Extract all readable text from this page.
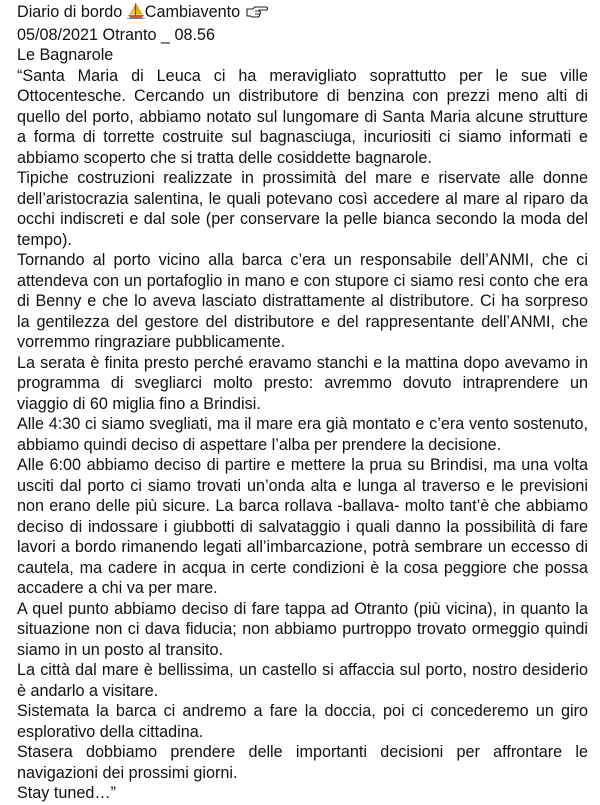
Diario di bordo Cambiavento

05/08/2021 Otranto _ 08.56

Le Bagnarole

“Santa Maria di Leuca ci ha meravigliato soprattutto per le sue ville Ottocentesche. Cercando un distributore di benzina con prezzi meno alti di quello del porto, abbiamo notato sul lungomare di Santa Maria alcune strutture a forma di torrette costruite sul bagnasciuga, incuriositi ci siamo informati e abbiamo scoperto che si tratta delle cosiddette bagnarole.

Tipiche costruzioni realizzate in prossimità del mare e riservate alle donne dell’aristocrazia salentina, le quali potevano così accedere al mare al riparo da occhi indiscreti e dal sole (per conservare la pelle bianca secondo la moda del tempo).

Tornando al porto vicino alla barca c’era un responsabile dell’ANMI, che ci attendeva con un portafoglio in mano e con stupore ci siamo resi conto che era di Benny e che lo aveva lasciato distrattamente al distributore. Ci ha sorpreso la gentilezza del gestore del distributore e del rappresentante dell’ANMI, che vorremmo ringraziare pubblicamente.

La serata è finita presto perché eravamo stanchi e la mattina dopo avevamo in programma di svegliarci molto presto: avremmo dovuto intraprendere un viaggio di 60 miglia fino a Brindisi.

Alle 4:30 ci siamo svegliati, ma il mare era già montato e c’era vento sostenuto, abbiamo quindi deciso di aspettare l’alba per prendere la decisione.

Alle 6:00 abbiamo deciso di partire e mettere la prua su Brindisi, ma una volta usciti dal porto ci siamo trovati un’onda alta e lunga al traverso e le previsioni non erano delle più sicure. La barca rollava -ballava- molto tant’è che abbiamo deciso di indossare i giubbotti di salvataggio i quali danno la possibilità di fare lavori a bordo rimanendo legati all’imbarcazione, potrà sembrare un eccesso di cautela, ma cadere in acqua in certe condizioni è la cosa peggiore che possa accadere a chi va per mare.

A quel punto abbiamo deciso di fare tappa ad Otranto (più vicina), in quanto la situazione non ci dava fiducia; non abbiamo purtroppo trovato ormeggio quindi siamo in un posto al transito.

La città dal mare è bellissima, un castello si affaccia sul porto, nostro desiderio è andarlo a visitare.

Sistemata la barca ci andremo a fare la doccia, poi ci concederemo un giro esplorativo della cittadina.

Stasera dobbiamo prendere delle importanti decisioni per affrontare le navigazioni dei prossimi giorni.

Stay tuned…”
